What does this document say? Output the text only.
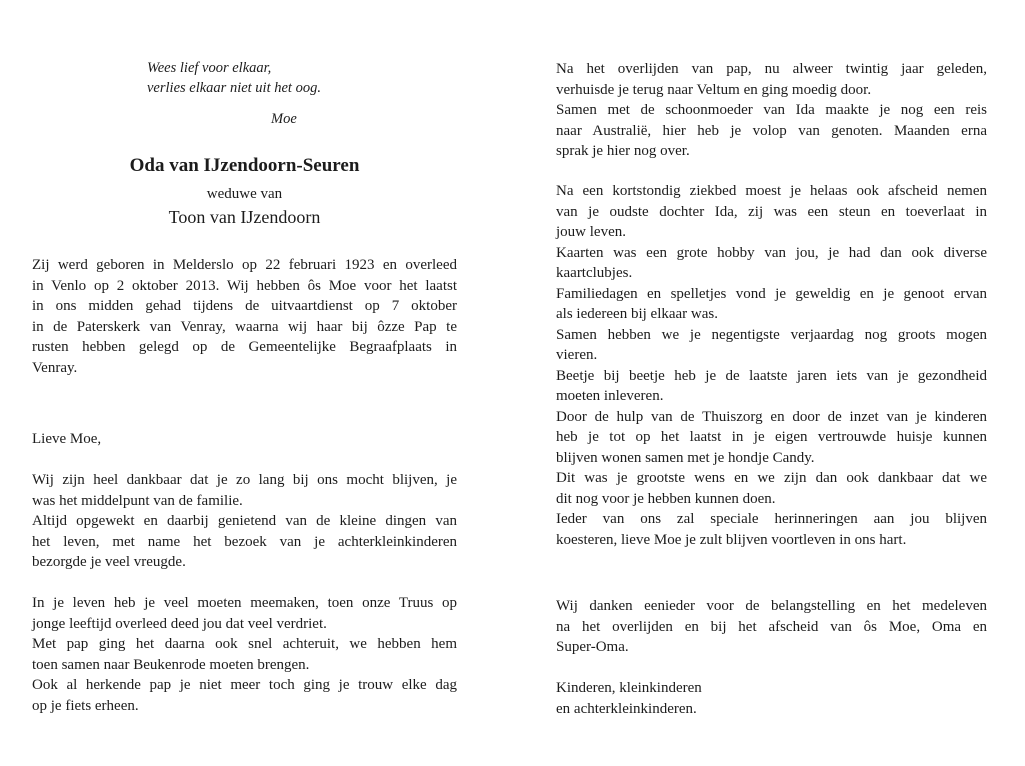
Wees lief voor elkaar,
verlies elkaar niet uit het oog.
Moe
Oda van IJzendoorn-Seuren
weduwe van
Toon van IJzendoorn
Zij werd geboren in Melderslo op 22 februari 1923 en overleed
in Venlo op 2 oktober 2013. Wij hebben ôs Moe voor het laatst
in ons midden gehad tijdens de uitvaartdienst op 7 oktober
in de Paterskerk van Venray, waarna wij haar bij ôzze Pap te
rusten hebben gelegd op de Gemeentelijke Begraafplaats in
Venray.
Lieve Moe,
Wij zijn heel dankbaar dat je zo lang bij ons mocht blijven, je
was het middelpunt van de familie.
Altijd opgewekt en daarbij genietend van de kleine dingen van
het leven, met name het bezoek van je achterkleinkinderen
bezorgde je veel vreugde.
In je leven heb je veel moeten meemaken, toen onze Truus op
jonge leeftijd overleed deed jou dat veel verdriet.
Met pap ging het daarna ook snel achteruit, we hebben hem
toen samen naar Beukenrode moeten brengen.
Ook al herkende pap je niet meer toch ging je trouw elke dag
op je fiets erheen.
Na het overlijden van pap, nu alweer twintig jaar geleden,
verhuisde je terug naar Veltum en ging moedig door.
Samen met de schoonmoeder van Ida maakte je nog een reis
naar Australië, hier heb je volop van genoten. Maanden erna
sprak je hier nog over.
Na een kortstondig ziekbed moest je helaas ook afscheid nemen
van je oudste dochter Ida, zij was een steun en toeverlaat in
jouw leven.
Kaarten was een grote hobby van jou, je had dan ook diverse
kaartclubjes.
Familiedagen en spelletjes vond je geweldig en je genoot ervan
als iedereen bij elkaar was.
Samen hebben we je negentigste verjaardag nog groots mogen
vieren.
Beetje bij beetje heb je de laatste jaren iets van je gezondheid
moeten inleveren.
Door de hulp van de Thuiszorg en door de inzet van je kinderen
heb je tot op het laatst in je eigen vertrouwde huisje kunnen
blijven wonen samen met je hondje Candy.
Dit was je grootste wens en we zijn dan ook dankbaar dat we
dit nog voor je hebben kunnen doen.
Ieder van ons zal speciale herinneringen aan jou blijven
koesteren, lieve Moe je zult blijven voortleven in ons hart.
Wij danken eenieder voor de belangstelling en het medeleven
na het overlijden en bij het afscheid van ôs Moe, Oma en
Super-Oma.
Kinderen, kleinkinderen
en achterkleinkinderen.
